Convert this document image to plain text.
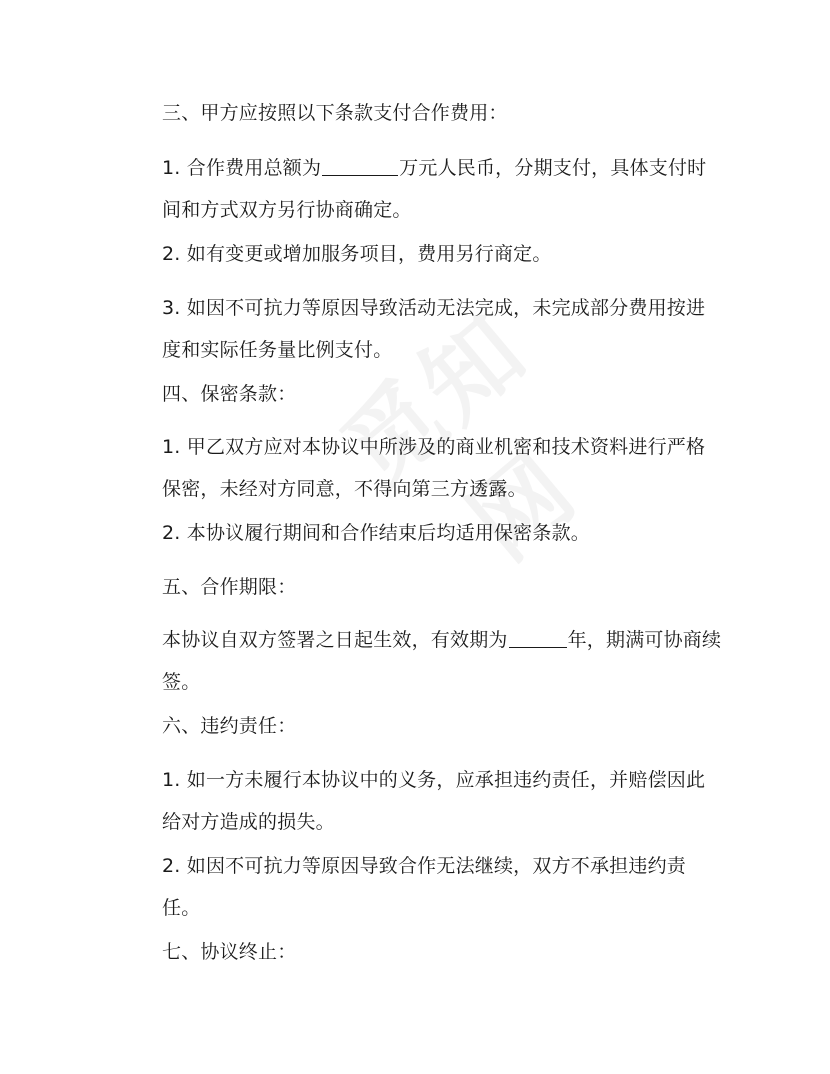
三、甲方应按照以下条款支付合作费用：

1. 合作费用总额为	万元人民币，分期支付，具体支付时间和方式双方另行协商确定。

2. 如有变更或增加服务项目，费用另行商定。

3. 如因不可抗力等原因导致活动无法完成，未完成部分费用按进度和实际任务量比例支付。

四、保密条款：

1. 甲乙双方应对本协议中所涉及的商业机密和技术资料进行严格保密，未经对方同意，不得向第三方透露。

2. 本协议履行期间和合作结束后均适用保密条款。

五、合作期限：

本协议自双方签署之日起生效，有效期为	年，期满可协商续签。

六、违约责任：

1. 如一方未履行本协议中的义务，应承担违约责任，并赔偿因此给对方造成的损失。

2. 如因不可抗力等原因导致合作无法继续，双方不承担违约责任。

七、协议终止：
